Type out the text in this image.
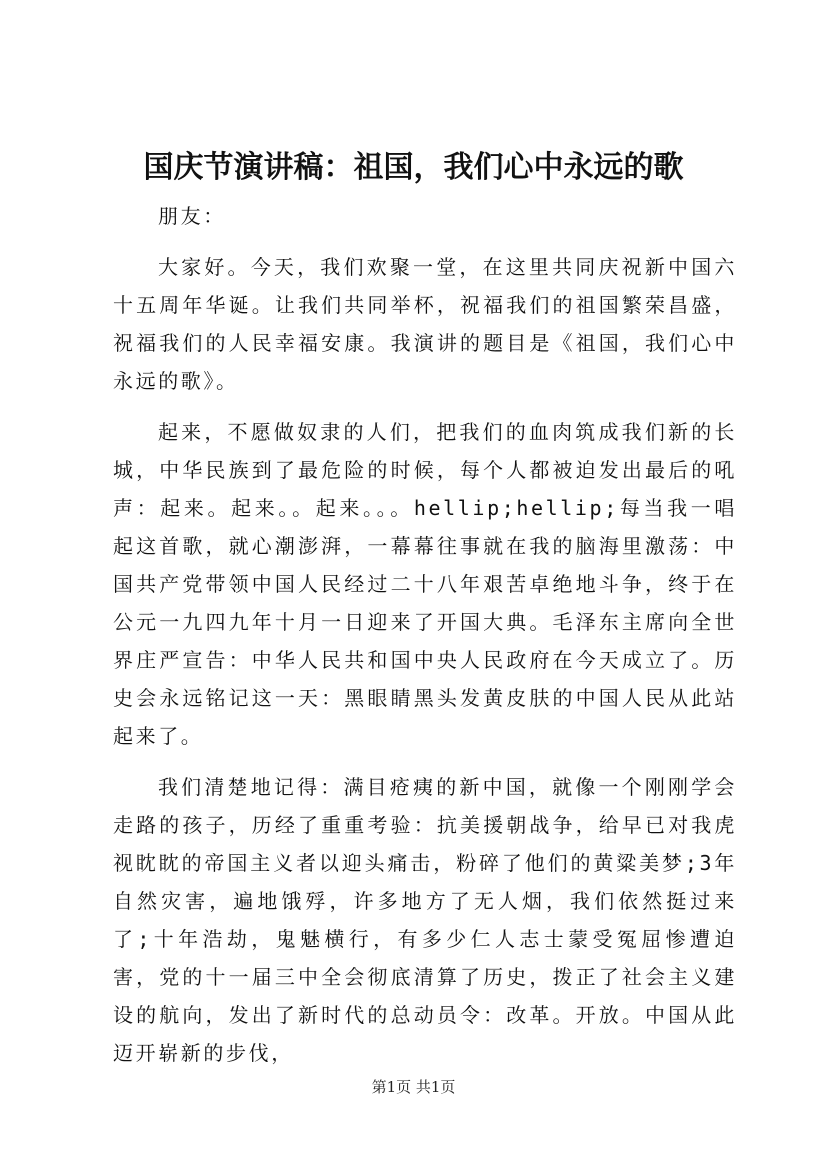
国庆节演讲稿：祖国，我们心中永远的歌

朋友：

大家好。今天，我们欢聚一堂，在这里共同庆祝新中国六十五周年华诞。让我们共同举杯，祝福我们的祖国繁荣昌盛，祝福我们的人民幸福安康。我演讲的题目是《祖国，我们心中永远的歌》。

起来，不愿做奴隶的人们，把我们的血肉筑成我们新的长城，中华民族到了最危险的时候，每个人都被迫发出最后的吼声：起来。起来。。起来。。。hellip;hellip;每当我一唱起这首歌，就心潮澎湃，一幕幕往事就在我的脑海里激荡：中国共产党带领中国人民经过二十八年艰苦卓绝地斗争，终于在公元一九四九年十月一日迎来了开国大典。毛泽东主席向全世界庄严宣告：中华人民共和国中央人民政府在今天成立了。历史会永远铭记这一天：黑眼睛黑头发黄皮肤的中国人民从此站起来了。

我们清楚地记得：满目疮痍的新中国，就像一个刚刚学会走路的孩子，历经了重重考验：抗美援朝战争，给早已对我虎视眈眈的帝国主义者以迎头痛击，粉碎了他们的黄粱美梦;3年自然灾害，遍地饿殍，许多地方了无人烟，我们依然挺过来了;十年浩劫，鬼魅横行，有多少仁人志士蒙受冤屈惨遭迫害，党的十一届三中全会彻底清算了历史，拨正了社会主义建设的航向，发出了新时代的总动员令：改革。开放。中国从此迈开崭新的步伐，

第1页 共1页
